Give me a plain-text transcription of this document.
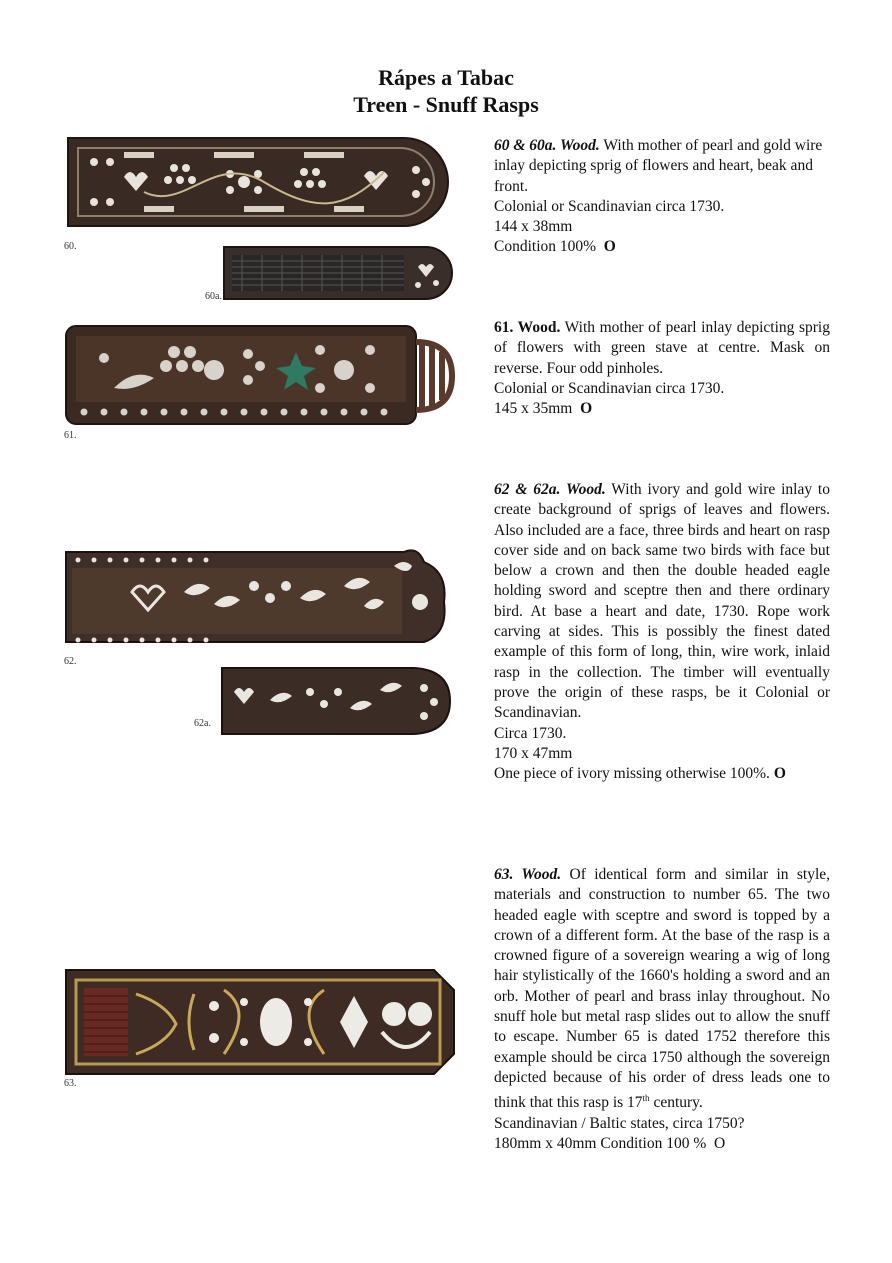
Rápes a Tabac
Treen - Snuff Rasps
60.
60a.
60 & 60a. Wood. With mother of pearl and gold wire inlay depicting sprig of flowers and heart, beak and front.
Colonial or Scandinavian circa 1730.
144 x 38mm
Condition 100% O
61.
61. Wood. With mother of pearl inlay depicting sprig of flowers with green stave at centre. Mask on reverse. Four odd pinholes.
Colonial or Scandinavian circa 1730.
145 x 35mm O
62.
62a.
62 & 62a. Wood. With ivory and gold wire inlay to create background of sprigs of leaves and flowers. Also included are a face, three birds and heart on rasp cover side and on back same two birds with face but below a crown and then the double headed eagle holding sword and sceptre then and there ordinary bird. At base a heart and date, 1730. Rope work carving at sides. This is possibly the finest dated example of this form of long, thin, wire work, inlaid rasp in the collection. The timber will eventually prove the origin of these rasps, be it Colonial or Scandinavian.
Circa 1730.
170 x 47mm
One piece of ivory missing otherwise 100%. O
63.
63. Wood. Of identical form and similar in style, materials and construction to number 65. The two headed eagle with sceptre and sword is topped by a crown of a different form. At the base of the rasp is a crowned figure of a sovereign wearing a wig of long hair stylistically of the 1660's holding a sword and an orb. Mother of pearl and brass inlay throughout. No snuff hole but metal rasp slides out to allow the snuff to escape. Number 65 is dated 1752 therefore this example should be circa 1750 although the sovereign depicted because of his order of dress leads one to think that this rasp is 17th century.
Scandinavian / Baltic states, circa 1750?
180mm x 40mm Condition 100 % O
